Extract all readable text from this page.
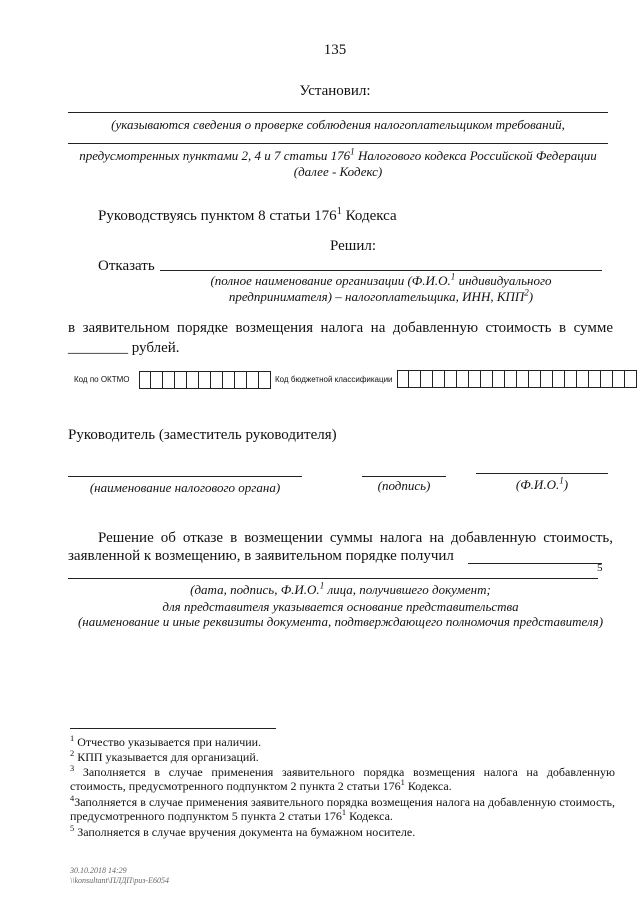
135
Установил:
(указываются сведения о проверке соблюдения налогоплательщиком требований,
предусмотренных пунктами 2, 4 и 7 статьи $176^1$ Налогового кодекса Российской Федерации
(далее - Кодекс)
Руководствуясь пунктом 8 статьи $176^1$ Кодекса
Решил:
Отказать
(полное наименование организации (Ф.И.О.$^1$ индивидуального
предпринимателя) – налогоплательщика, ИНН, КПП$^2$)
в заявительном порядке возмещения налога на добавленную стоимость в сумме
________ рублей.
Код по ОКТМО	Код бюджетной классификации
Руководитель (заместитель руководителя)
(наименование налогового органа)	(подпись)	(Ф.И.О.$^1$)
Решение об отказе в возмещении суммы налога на добавленную стоимость,
заявленной к возмещению, в заявительном порядке получил
5
(дата, подпись, Ф.И.О.$^1$ лица, получившего документ;
для представителя указывается основание представительства
(наименование и иные реквизиты документа, подтверждающего полномочия представителя)
$^1$ Отчество указывается при наличии.
$^2$ КПП указывается для организаций.
$^3$ Заполняется в случае применения заявительного порядка возмещения налога на добавленную стоимость, предусмотренного подпунктом 2 пункта 2 статьи $176^1$ Кодекса.
$^4$Заполняется в случае применения заявительного порядка возмещения налога на добавленную стоимость, предусмотренного подпунктом 5 пункта 2 статьи $176^1$ Кодекса.
$^5$ Заполняется в случае вручения документа на бумажном носителе.
30.10.2018 14:29
\\konsultant\ПЛДП\риз-Е6054
